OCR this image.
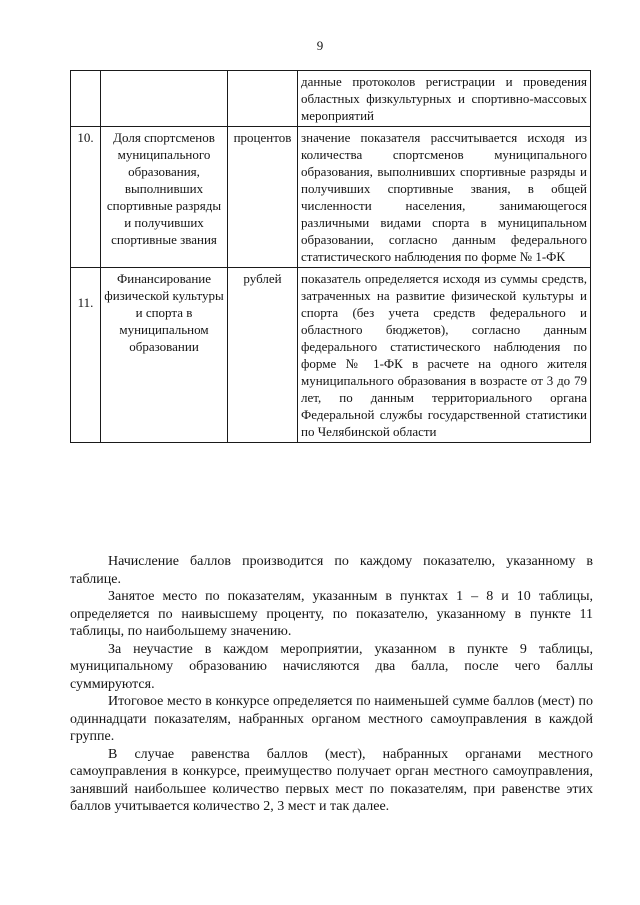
9
			данные протоколов регистрации и проведения областных физкультурных и спортивно-массовых мероприятий
10.	Доля спортсменов муниципального образования, выполнивших спортивные разряды и получивших спортивные звания	процентов	значение показателя рассчитывается исходя из количества спортсменов муниципального образования, выполнивших спортивные разряды и получивших спортивные звания, в общей численности населения, занимающегося различными видами спорта в муниципальном образовании, согласно данным федерального статистического наблюдения по форме № 1-ФК
11.	Финансирование физической культуры и спорта в муниципальном образовании	рублей	показатель определяется исходя из суммы средств, затраченных на развитие физической культуры и спорта (без учета средств федерального и областного бюджетов), согласно данным федерального статистического наблюдения по форме № 1-ФК в расчете на одного жителя муниципального образования в возрасте от 3 до 79 лет, по данным территориального органа Федеральной службы государственной статистики по Челябинской области

Начисление баллов производится по каждому показателю, указанному в таблице.

Занятое место по показателям, указанным в пунктах 1 – 8 и 10 таблицы, определяется по наивысшему проценту, по показателю, указанному в пункте 11 таблицы, по наибольшему значению.

За неучастие в каждом мероприятии, указанном в пункте 9 таблицы, муниципальному образованию начисляются два балла, после чего баллы суммируются.

Итоговое место в конкурсе определяется по наименьшей сумме баллов (мест) по одиннадцати показателям, набранных органом местного самоуправления в каждой группе.

В случае равенства баллов (мест), набранных органами местного самоуправления в конкурсе, преимущество получает орган местного самоуправления, занявший наибольшее количество первых мест по показателям, при равенстве этих баллов учитывается количество 2, 3 мест и так далее.
